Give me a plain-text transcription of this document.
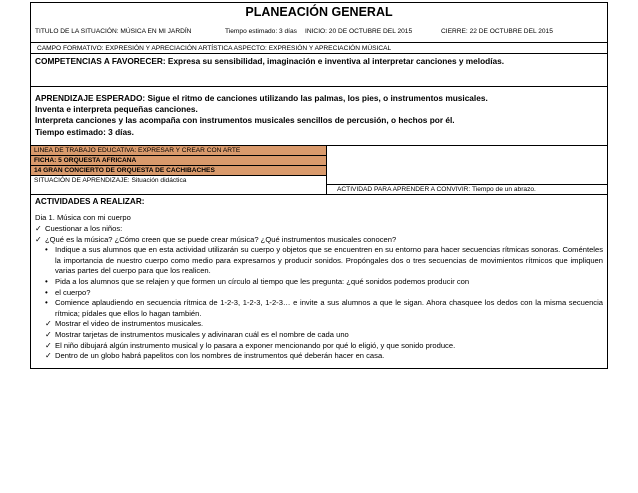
PLANEACIÓN GENERAL
TITULO DE LA SITUACIÓN: MÚSICA EN MI JARDÍN	Tiempo estimado: 3 días	INICIO: 20 DE OCTUBRE DEL 2015	CIERRE: 22 DE OCTUBRE DEL 2015
CAMPO FORMATIVO: EXPRESIÓN Y APRECIACIÓN ARTÍSTICA ASPECTO: EXPRESIÓN Y APRECIACIÓN MÚSICAL
COMPETENCIAS A FAVORECER: Expresa su sensibilidad, imaginación e inventiva al interpretar canciones y melodías.
APRENDIZAJE ESPERADO: Sigue el ritmo de canciones utilizando las palmas, los pies, o instrumentos musicales.
Inventa e interpreta pequeñas canciones.
Interpreta canciones y las acompaña con instrumentos musicales sencillos de percusión, o hechos por él.
Tiempo estimado: 3 días.
LINEA DE TRABAJO EDUCATIVA: EXPRESAR Y CREAR CON ARTE
FICHA: 5 ORQUESTA AFRICANA
14 GRAN CONCIERTO DE ORQUESTA DE CACHIBACHES
SITUACIÓN DE APRENDIZAJE: Situación didáctica
ACTIVIDAD PARA APRENDER A CONVIVIR: Tiempo de un abrazo.
ACTIVIDADES A REALIZAR:
Dia 1. Música con mi cuerpo
✓ Cuestionar a los niños:
✓ ¿Qué es la música? ¿Cómo creen que se puede crear música? ¿Qué instrumentos musicales conocen?
• Indique a sus alumnos que en esta actividad utilizarán su cuerpo y objetos que se encuentren en su entorno para hacer secuencias rítmicas sonoras. Coménteles la importancia de nuestro cuerpo como medio para expresarnos y producir sonidos. Propóngales dos o tres secuencias de movimientos rítmicos que impliquen varias partes del cuerpo para que los realicen.
• Pida a los alumnos que se relajen y que formen un círculo al tiempo que les pregunta: ¿qué sonidos podemos producir con
• el cuerpo?
• Comience aplaudiendo en secuencia rítmica de 1-2-3, 1-2-3, 1-2-3… e invite a sus alumnos a que le sigan. Ahora chasquee los dedos con la misma secuencia rítmica; pídales que ellos lo hagan también.
✓ Mostrar el video de instrumentos musicales.
✓ Mostrar tarjetas de instrumentos musicales y adivinaran cuál es el nombre de cada uno
✓ El niño dibujará algún instrumento musical y lo pasara a exponer mencionando por qué lo eligió, y que sonido produce.
✓ Dentro de un globo habrá papelitos con los nombres de instrumentos qué deberán hacer en casa.
